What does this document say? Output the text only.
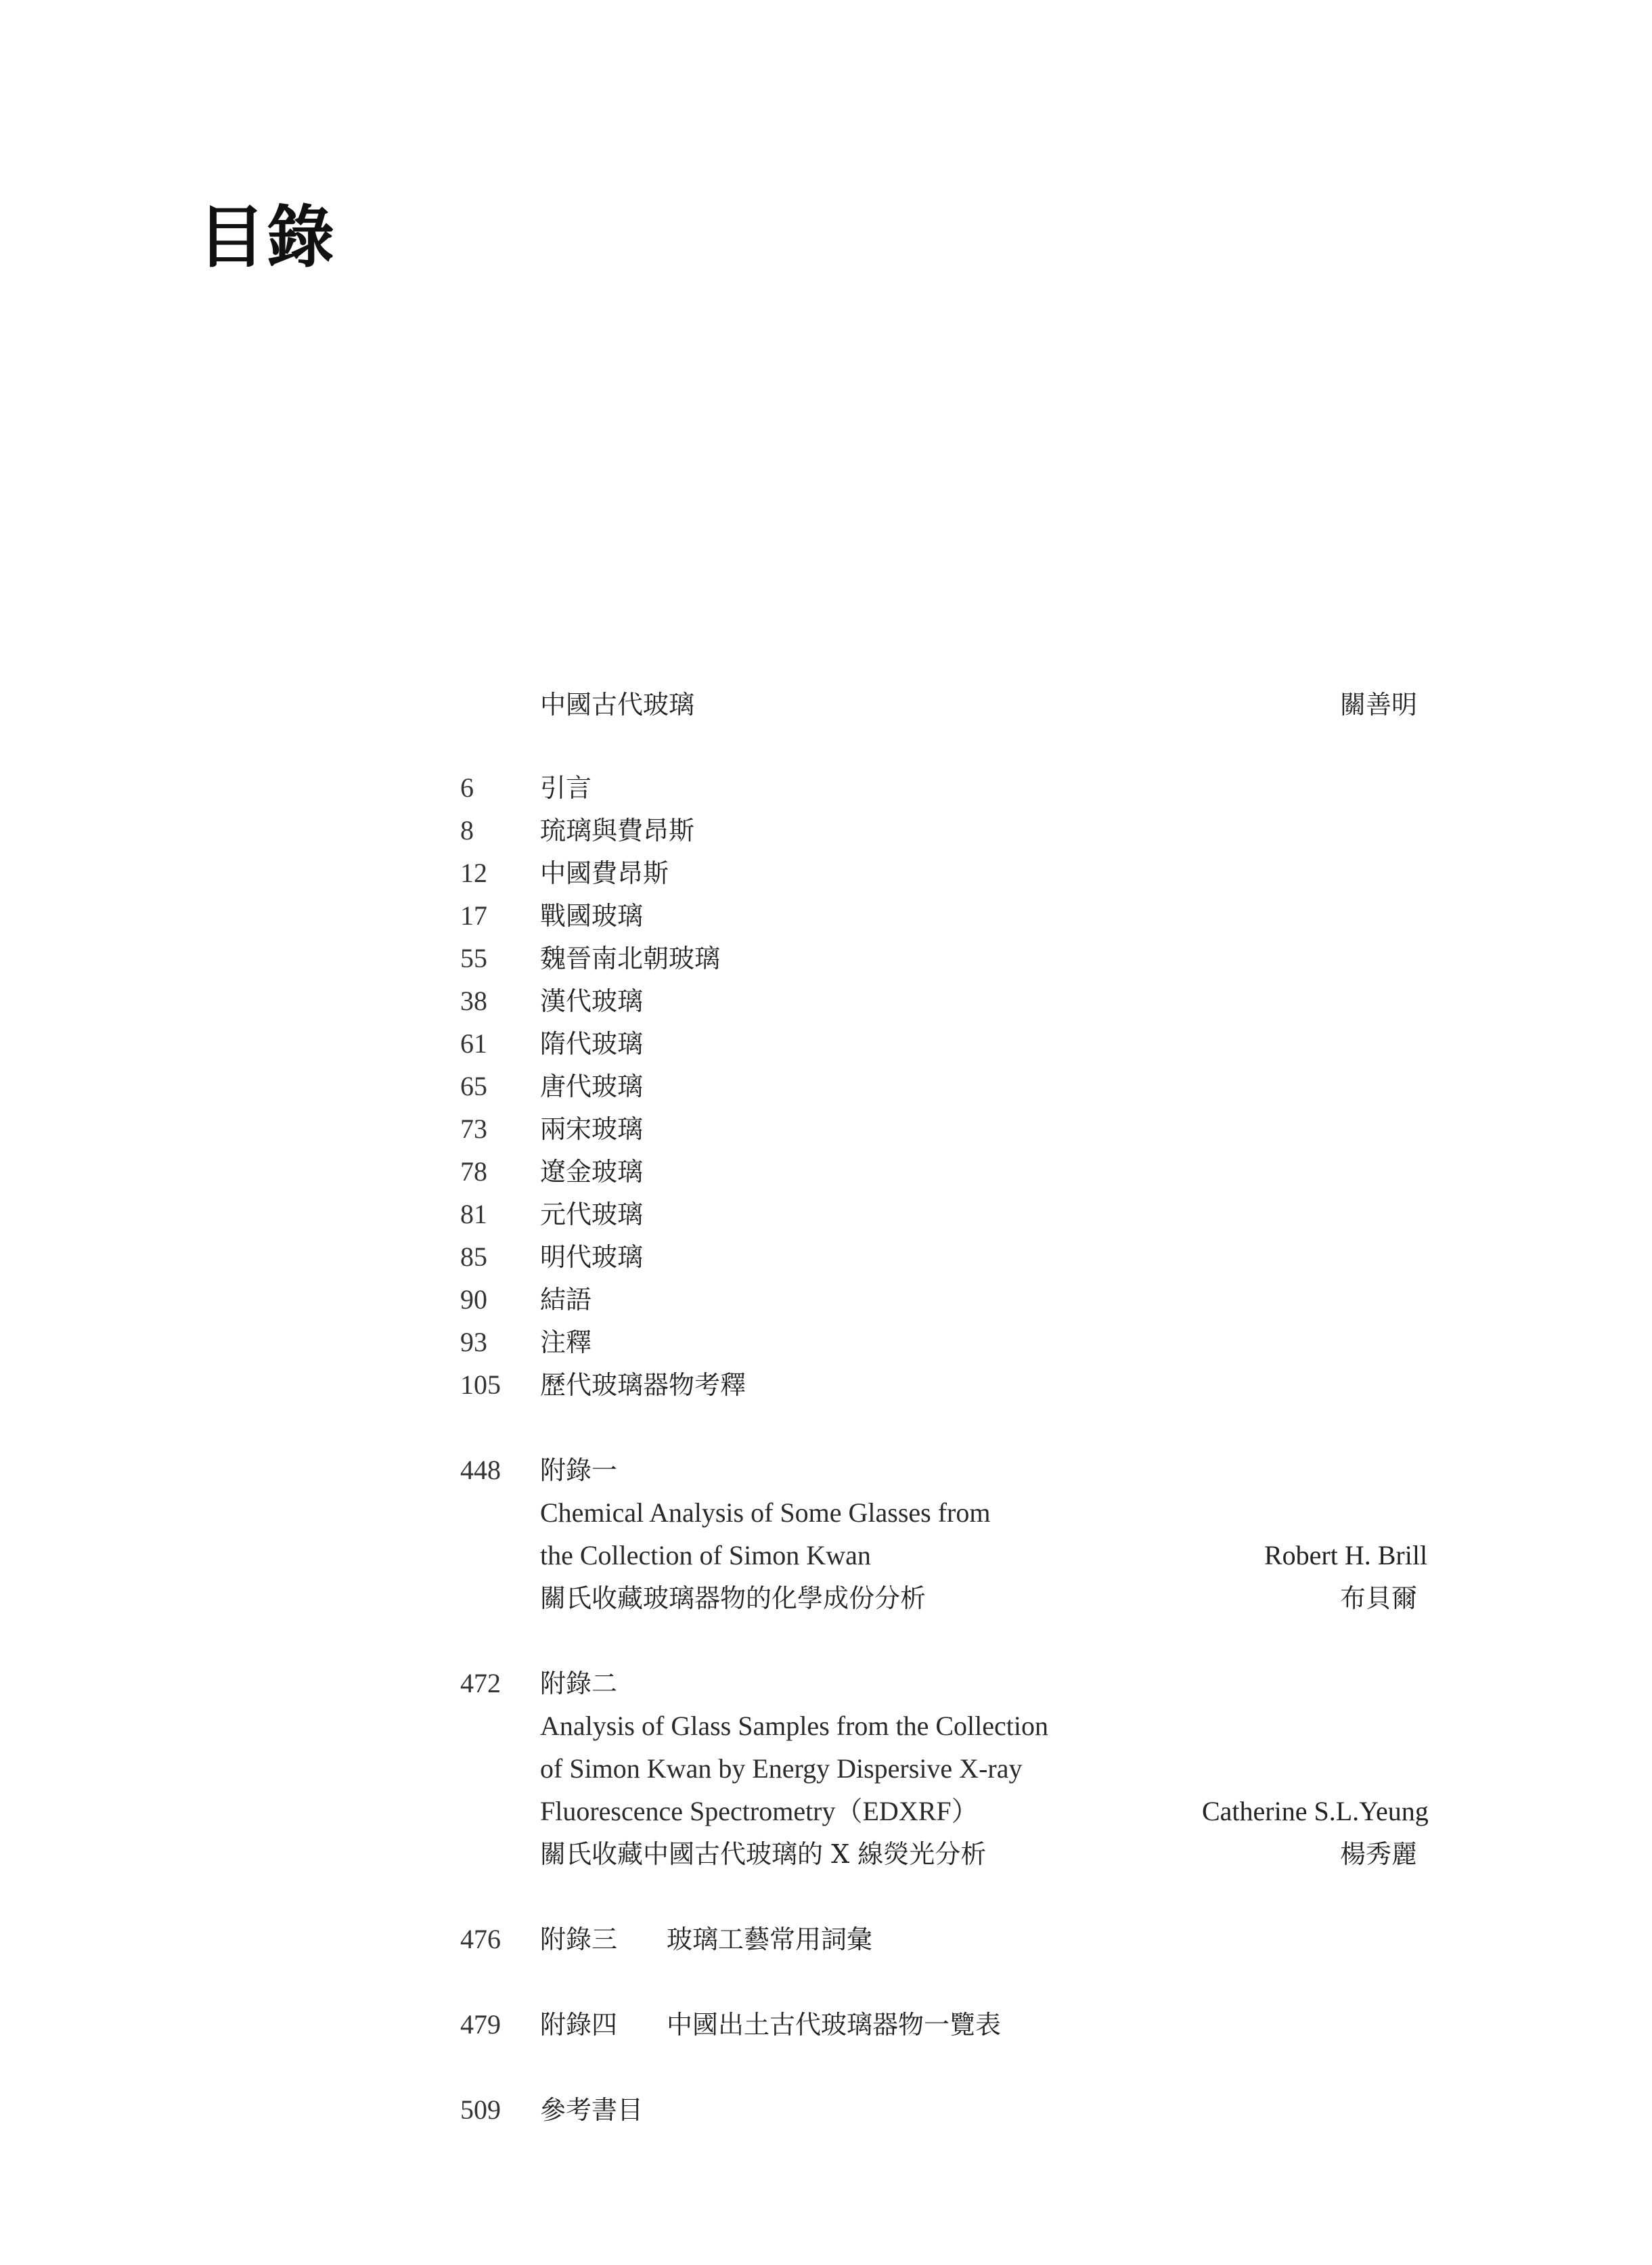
目錄
中國古代玻璃	關善明
6	引言
8	琉璃與費昂斯
12 中國費昂斯
17 戰國玻璃
55 魏晉南北朝玻璃
38 漢代玻璃
61 隋代玻璃
65 唐代玻璃
73 兩宋玻璃
78 遼金玻璃
81 元代玻璃
85 明代玻璃
90 結語
93 注釋
105 歷代玻璃器物考釋
448 附錄一
Chemical Analysis of Some Glasses from
the Collection of Simon Kwan	Robert H. Brill
關氏收藏玻璃器物的化學成份分析	布貝爾
472 附錄二
Analysis of Glass Samples from the Collection
of Simon Kwan by Energy Dispersive X-ray
Fluorescence Spectrometry（EDXRF）	Catherine S.L.Yeung
關氏收藏中國古代玻璃的 X 線熒光分析	楊秀麗
476 附錄三 玻璃工藝常用詞彙
479 附錄四 中國出土古代玻璃器物一覽表
509 參考書目
